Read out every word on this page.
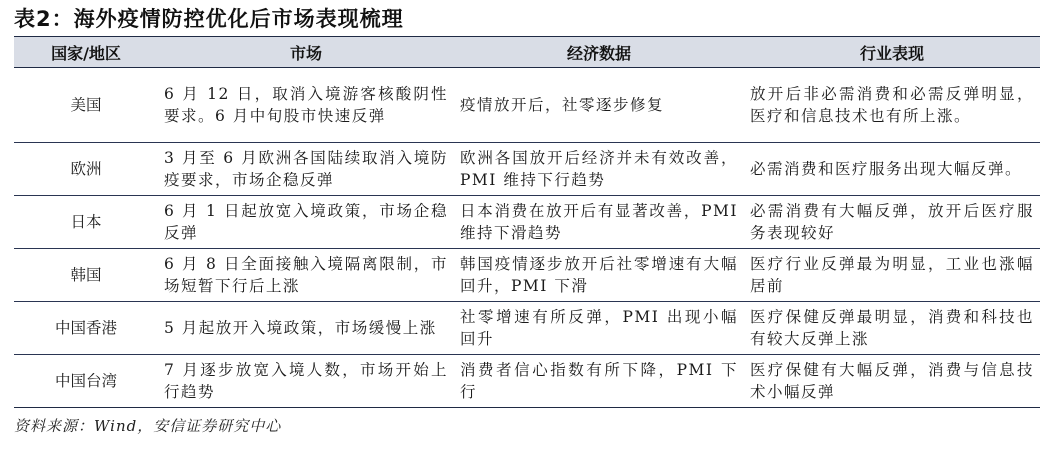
表2：海外疫情防控优化后市场表现梳理
国家/地区	市场	经济数据	行业表现
美国	6 月 12 日，取消入境游客核酸阴性要求。6 月中旬股市快速反弹	疫情放开后，社零逐步修复	放开后非必需消费和必需反弹明显，医疗和信息技术也有所上涨。
欧洲	3 月至 6 月欧洲各国陆续取消入境防疫要求，市场企稳反弹	欧洲各国放开后经济并未有效改善，PMI 维持下行趋势	必需消费和医疗服务出现大幅反弹。
日本	6 月 1 日起放宽入境政策，市场企稳反弹	日本消费在放开后有显著改善，PMI 维持下滑趋势	必需消费有大幅反弹，放开后医疗服务表现较好
韩国	6 月 8 日全面接触入境隔离限制，市场短暂下行后上涨	韩国疫情逐步放开后社零增速有大幅回升，PMI 下滑	医疗行业反弹最为明显，工业也涨幅居前
中国香港	5 月起放开入境政策，市场缓慢上涨	社零增速有所反弹，PMI 出现小幅回升	医疗保健反弹最明显，消费和科技也有较大反弹上涨
中国台湾	7 月逐步放宽入境人数，市场开始上行趋势	消费者信心指数有所下降，PMI 下行	医疗保健有大幅反弹，消费与信息技术小幅反弹
资料来源：Wind，安信证券研究中心
